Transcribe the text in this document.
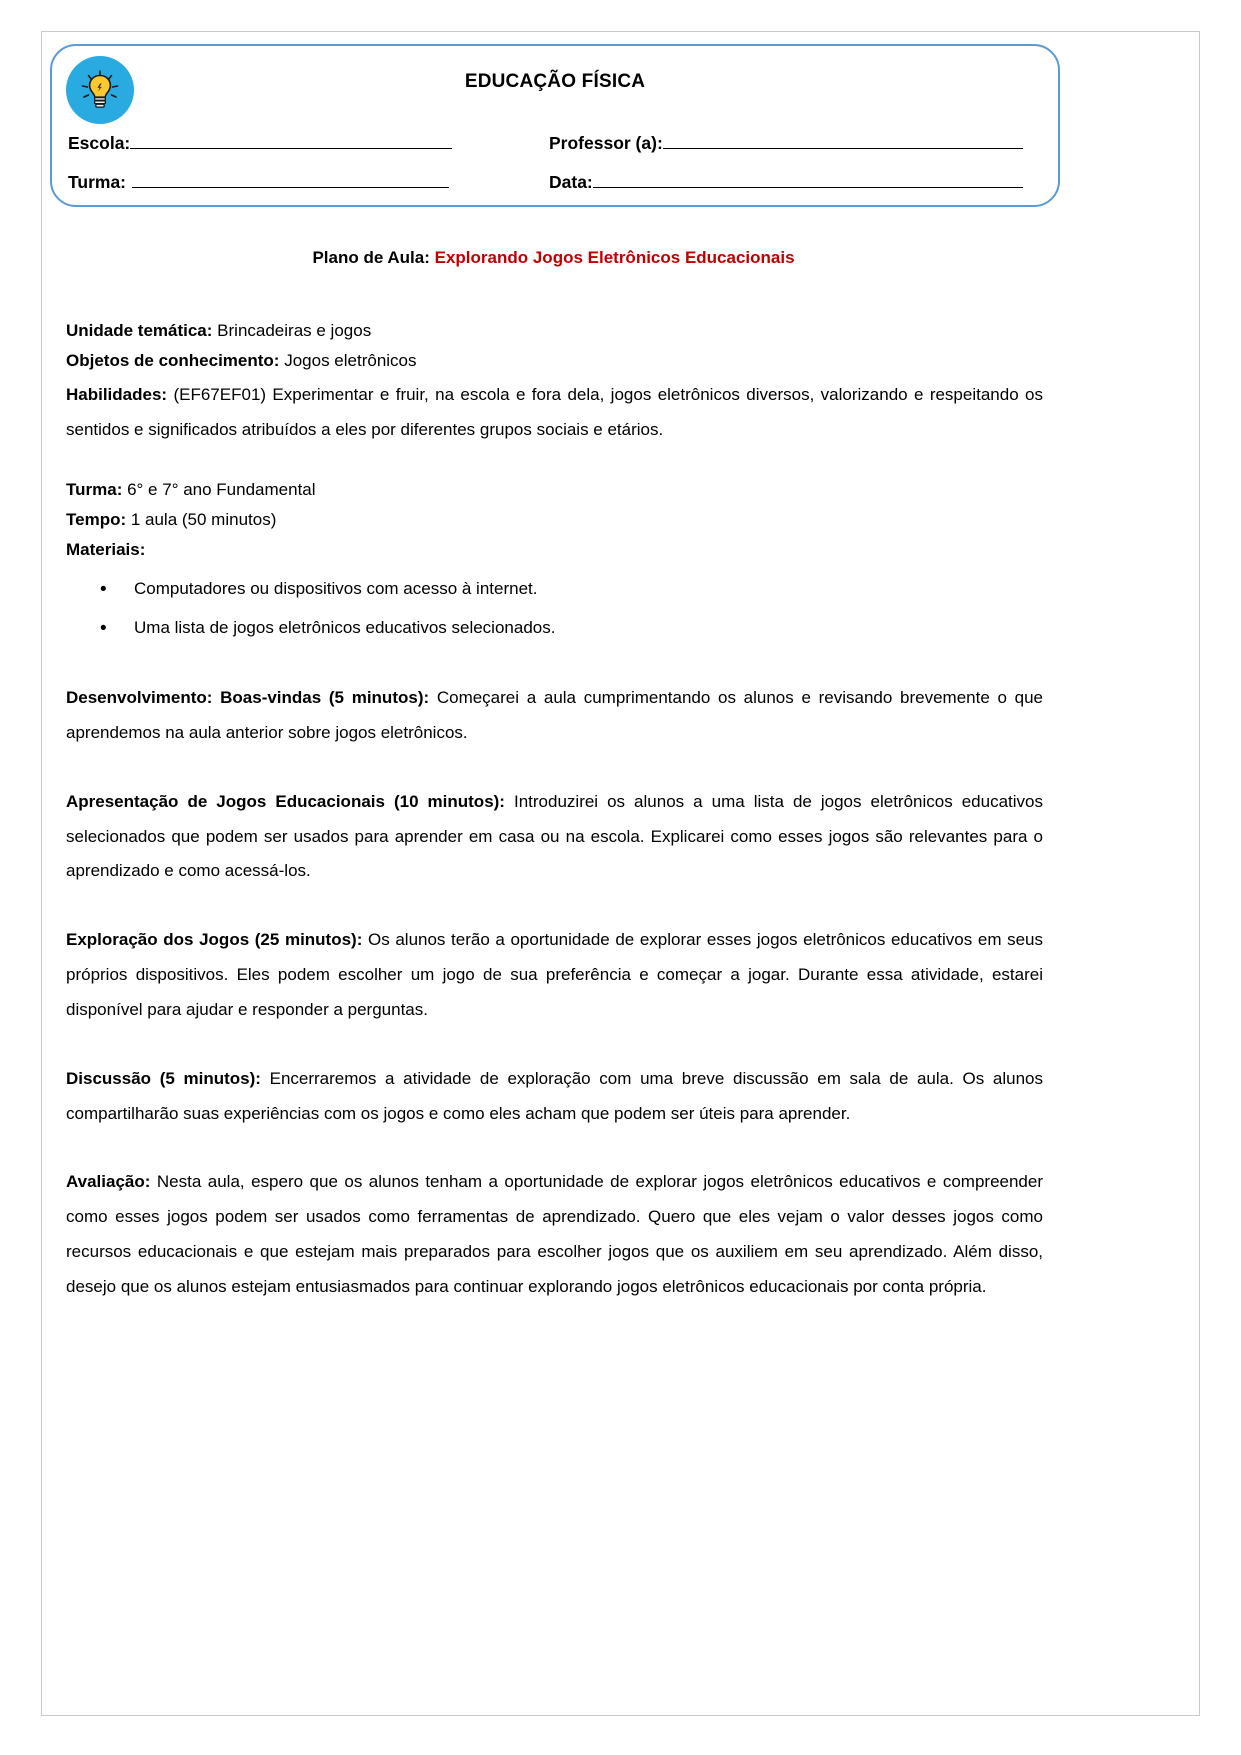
EDUCAÇÃO FÍSICA
Escola:	Professor (a):
Turma:	Data:
Plano de Aula: Explorando Jogos Eletrônicos Educacionais

Unidade temática: Brincadeiras e jogos

Objetos de conhecimento: Jogos eletrônicos

Habilidades: (EF67EF01) Experimentar e fruir, na escola e fora dela, jogos eletrônicos diversos, valorizando e respeitando os sentidos e significados atribuídos a eles por diferentes grupos sociais e etários.

Turma: 6° e 7° ano Fundamental

Tempo: 1 aula (50 minutos)

Materiais:

• Computadores ou dispositivos com acesso à internet.
• Uma lista de jogos eletrônicos educativos selecionados.

Desenvolvimento: Boas-vindas (5 minutos): Começarei a aula cumprimentando os alunos e revisando brevemente o que aprendemos na aula anterior sobre jogos eletrônicos.

Apresentação de Jogos Educacionais (10 minutos): Introduzirei os alunos a uma lista de jogos eletrônicos educativos selecionados que podem ser usados para aprender em casa ou na escola. Explicarei como esses jogos são relevantes para o aprendizado e como acessá-los.

Exploração dos Jogos (25 minutos): Os alunos terão a oportunidade de explorar esses jogos eletrônicos educativos em seus próprios dispositivos. Eles podem escolher um jogo de sua preferência e começar a jogar. Durante essa atividade, estarei disponível para ajudar e responder a perguntas.

Discussão (5 minutos): Encerraremos a atividade de exploração com uma breve discussão em sala de aula. Os alunos compartilharão suas experiências com os jogos e como eles acham que podem ser úteis para aprender.

Avaliação: Nesta aula, espero que os alunos tenham a oportunidade de explorar jogos eletrônicos educativos e compreender como esses jogos podem ser usados como ferramentas de aprendizado. Quero que eles vejam o valor desses jogos como recursos educacionais e que estejam mais preparados para escolher jogos que os auxiliem em seu aprendizado. Além disso, desejo que os alunos estejam entusiasmados para continuar explorando jogos eletrônicos educacionais por conta própria.
